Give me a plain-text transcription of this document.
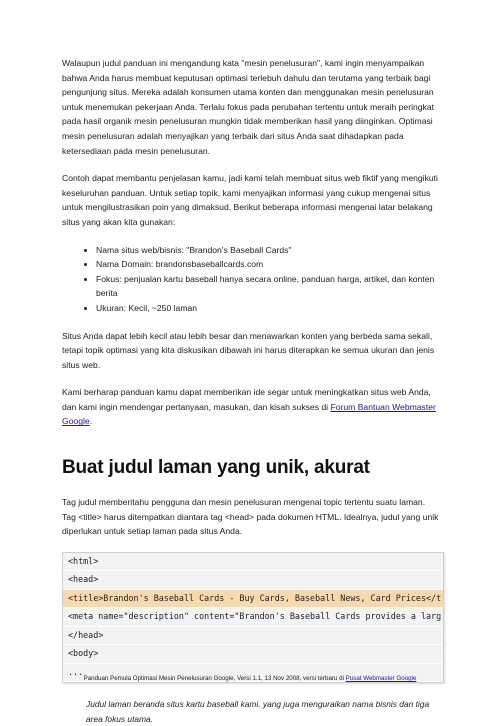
Walaupun judul panduan ini mengandung kata "mesin penelusuran", kami ingin menyampaikan bahwa Anda harus membuat keputusan optimasi terlebuh dahulu dan terutama yang terbaik bagi pengunjung situs. Mereka adalah konsumen utama konten dan menggunakan mesin penelusuran untuk menemukan pekerjaan Anda. Terlalu fokus pada perubahan tertentu untuk meraih peringkat pada hasil organik mesin penelusuran mungkin tidak memberikan hasil yang diinginkan. Optimasi mesin penelusuran adalah menyajikan yang terbaik dari situs Anda saat dihadapkan pada ketersediaan pada mesin penelusuran.

Contoh dapat membantu penjelasan kamu, jadi kami telah membuat situs web fiktif yang mengikuti keseluruhan panduan. Untuk setiap topik, kami menyajikan informasi yang cukup mengenai situs untuk mengilustrasikan poin yang dimaksud. Berikut beberapa informasi mengenai latar belakang situs yang akan kita gunakan:

• Nama situs web/bisnis: "Brandon's Baseball Cards"
• Nama Domain: brandonsbaseballcards.com
• Fokus: penjualan kartu baseball hanya secara online, panduan harga, artikel, dan konten berita
• Ukuran: Kecil, ~250 laman

Situs Anda dapat lebih kecil atau lebih besar dan menawarkan konten yang berbeda sama sekali, tetapi topik optimasi yang kita diskusikan dibawah ini harus diterapkan ke semua ukuran dan jenis situs web.

Kami berharap panduan kamu dapat memberikan ide segar untuk meningkatkan situs web Anda, dan kami ingin mendengar pertanyaan, masukan, dan kisah sukses di Forum Bantuan Webmaster Google.

Buat judul laman yang unik, akurat

Tag judul memberitahu pengguna dan mesin penelusuran mengenai topic tertentu suatu laman. Tag <title> harus ditempatkan diantara tag <head> pada dokumen HTML. Idealnya, judul yang unik diperlukan untuk setiap laman pada situs Anda.

<html>
<head>
<title>Brandon's Baseball Cards - Buy Cards, Baseball News, Card Prices</t
<meta name="description" content="Brandon's Baseball Cards provides a larg
</head>
<body>
...

Judul laman beranda situs kartu baseball kami. yang juga menguraikan nama bisnis dan tiga area fokus utama.

Panduan Pemula Optimasi Mesin Penelusuran Google, Versi 1.1, 13 Nov 2008, versi terbaru di Pusat Webmaster Google
